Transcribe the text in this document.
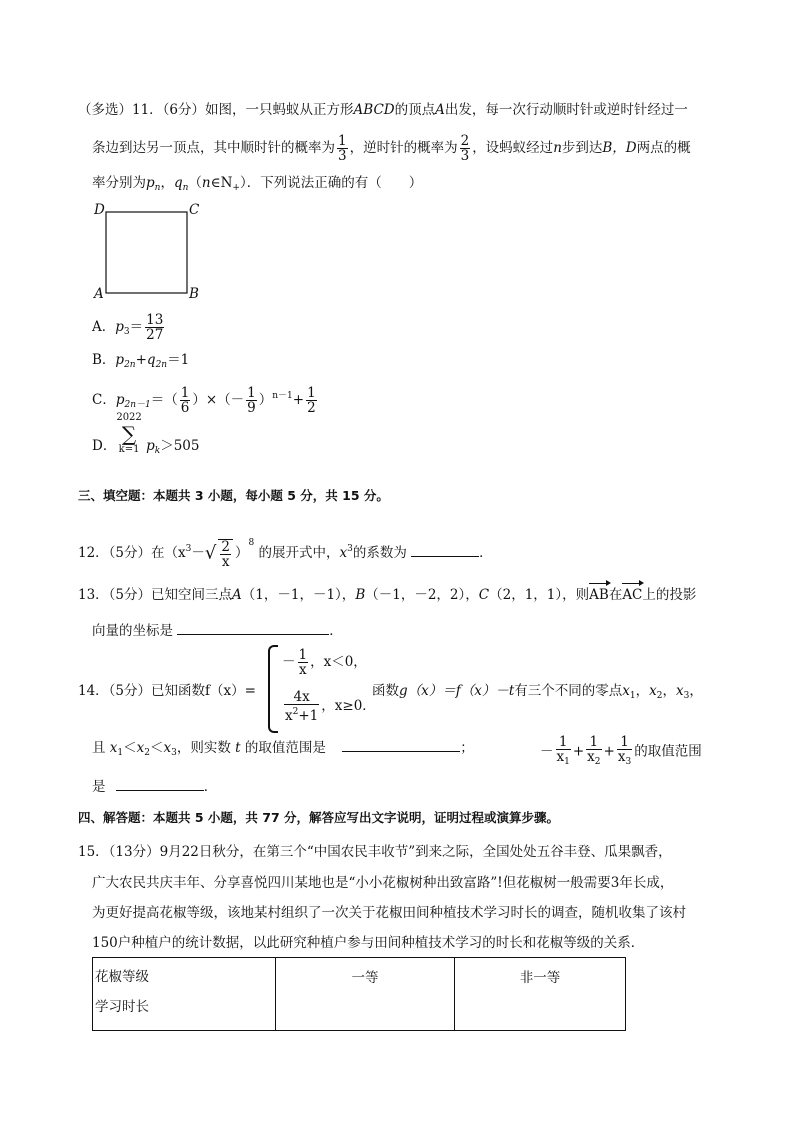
（多选）11．（6分）如图，一只蚂蚁从正方形ABCD的顶点A出发，每一次行动顺时针或逆时针经过一
条边到达另一顶点，其中顺时针的概率为 $\frac{1}{3}$ ，逆时针的概率为 $\frac{2}{3}$ ，设蚂蚁经过n步到达B，D两点的概
率分别为$p_n$，$q_n(n\in N_+)$．下列说法正确的有（　　）
D	C
A	B
A．$p_3= \frac{13}{27}$
B．$p_{2n}+q_{2n}=1$
C．$p_{2n-1}=( \frac{1}{6}$ ）×（－ $\frac{1}{9} )^{n-1}+ \frac{1}{2}$
D．2022
∑
k=1 $p_k>505$
三、填空题：本题共 3 小题，每小题 5 分，共 15 分。
12．（5分）在$(x^3-√ \frac{2}{x} )^8$ 的展开式中，$x^3$的系数为	．
13．（5分）已知空间三点A（1，－1，－1），B（－1，－2，2），C（2，1，1），则AB在AC上的投影
向量的坐标是	．
14．（5分）已知函数f（x）=
－ $\frac{1}{x}$ ，x＜0，
$\frac{4x}{x^2+1}$ ，x≥0．
函数g（x）＝f（x）－t有三个不同的零点$x_1$，$x_2$，$x_3$，
且 $x_1<x_2<x_3$，则实数 t 的取值范围是	；	－ $\frac{1}{x_1} + \frac{1}{x_2} + \frac{1}{x_3}$ 的取值范围
是	．
四、解答题：本题共 5 小题，共 77 分，解答应写出文字说明，证明过程或演算步骤。
15．（13分）9月22日秋分，在第三个“中国农民丰收节”到来之际，全国处处五谷丰登、瓜果飘香，
广大农民共庆丰年、分享喜悦四川某地也是“小小花椒树种出致富路”!但花椒树一般需要3年长成，
为更好提高花椒等级，该地某村组织了一次关于花椒田间种植技术学习时长的调查，随机收集了该村
150户种植户的统计数据，以此研究种植户参与田间种植技术学习的时长和花椒等级的关系．
花椒等级
学习时长
	一等	非一等
